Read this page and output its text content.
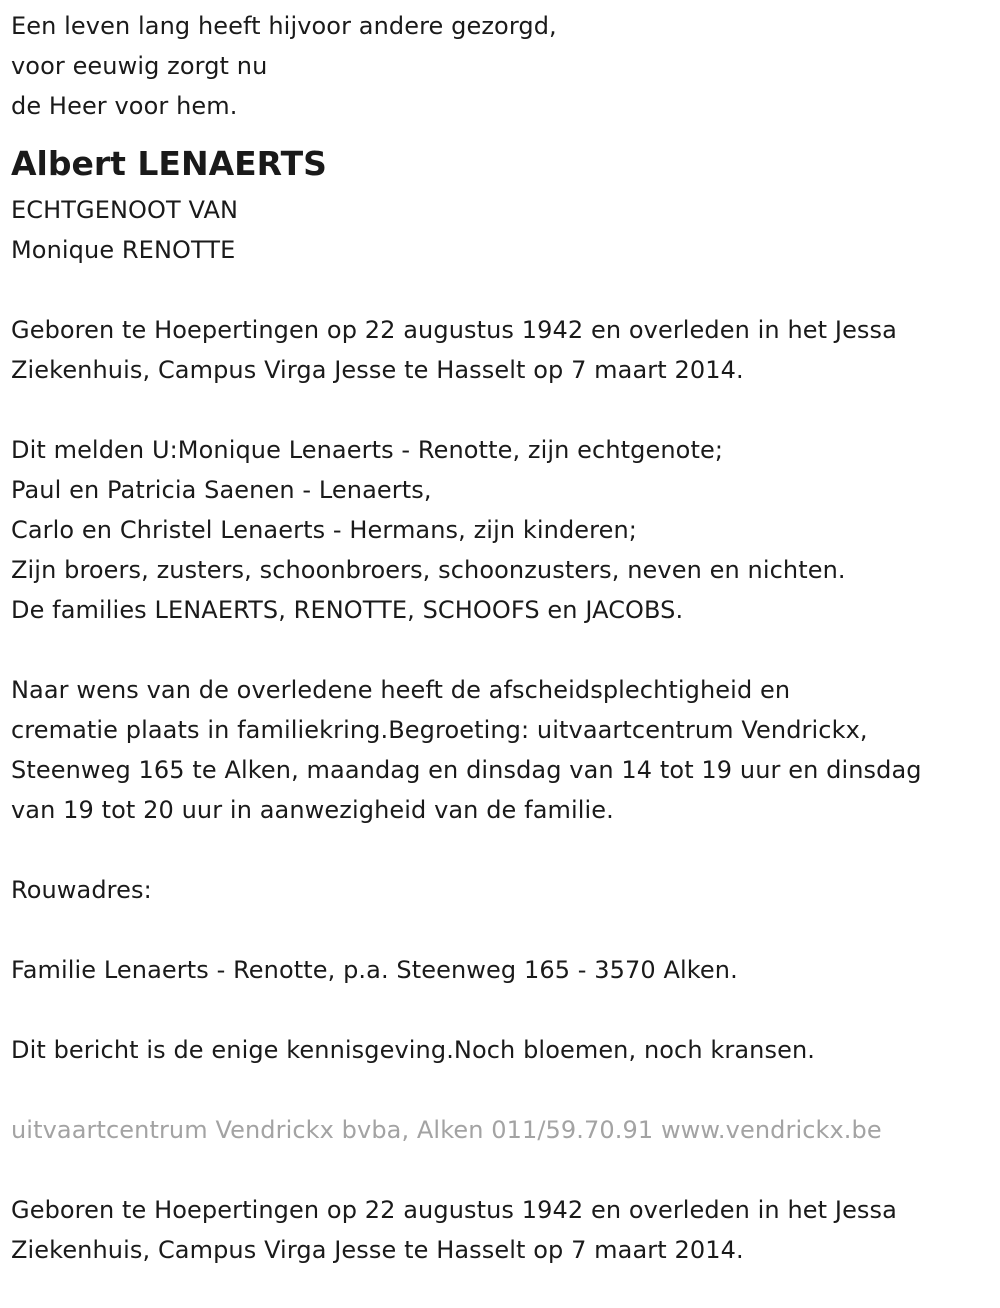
Een leven lang heeft hijvoor andere gezorgd,
voor eeuwig zorgt nu
de Heer voor hem.
Albert LENAERTS
ECHTGENOOT VAN
Monique RENOTTE
Geboren te Hoepertingen op 22 augustus 1942 en overleden in het Jessa
Ziekenhuis, Campus Virga Jesse te Hasselt op 7 maart 2014.
Dit melden U:Monique Lenaerts - Renotte, zijn echtgenote;
Paul en Patricia Saenen - Lenaerts,
Carlo en Christel Lenaerts - Hermans, zijn kinderen;
Zijn broers, zusters, schoonbroers, schoonzusters, neven en nichten.
De families LENAERTS, RENOTTE, SCHOOFS en JACOBS.
Naar wens van de overledene heeft de afscheidsplechtigheid en
crematie plaats in familiekring.Begroeting: uitvaartcentrum Vendrickx,
Steenweg 165 te Alken, maandag en dinsdag van 14 tot 19 uur en dinsdag
van 19 tot 20 uur in aanwezigheid van de familie.
Rouwadres:
Familie Lenaerts - Renotte, p.a. Steenweg 165 - 3570 Alken.
Dit bericht is de enige kennisgeving.Noch bloemen, noch kransen.
uitvaartcentrum Vendrickx bvba, Alken 011/59.70.91 www.vendrickx.be
Geboren te Hoepertingen op 22 augustus 1942 en overleden in het Jessa
Ziekenhuis, Campus Virga Jesse te Hasselt op 7 maart 2014.
